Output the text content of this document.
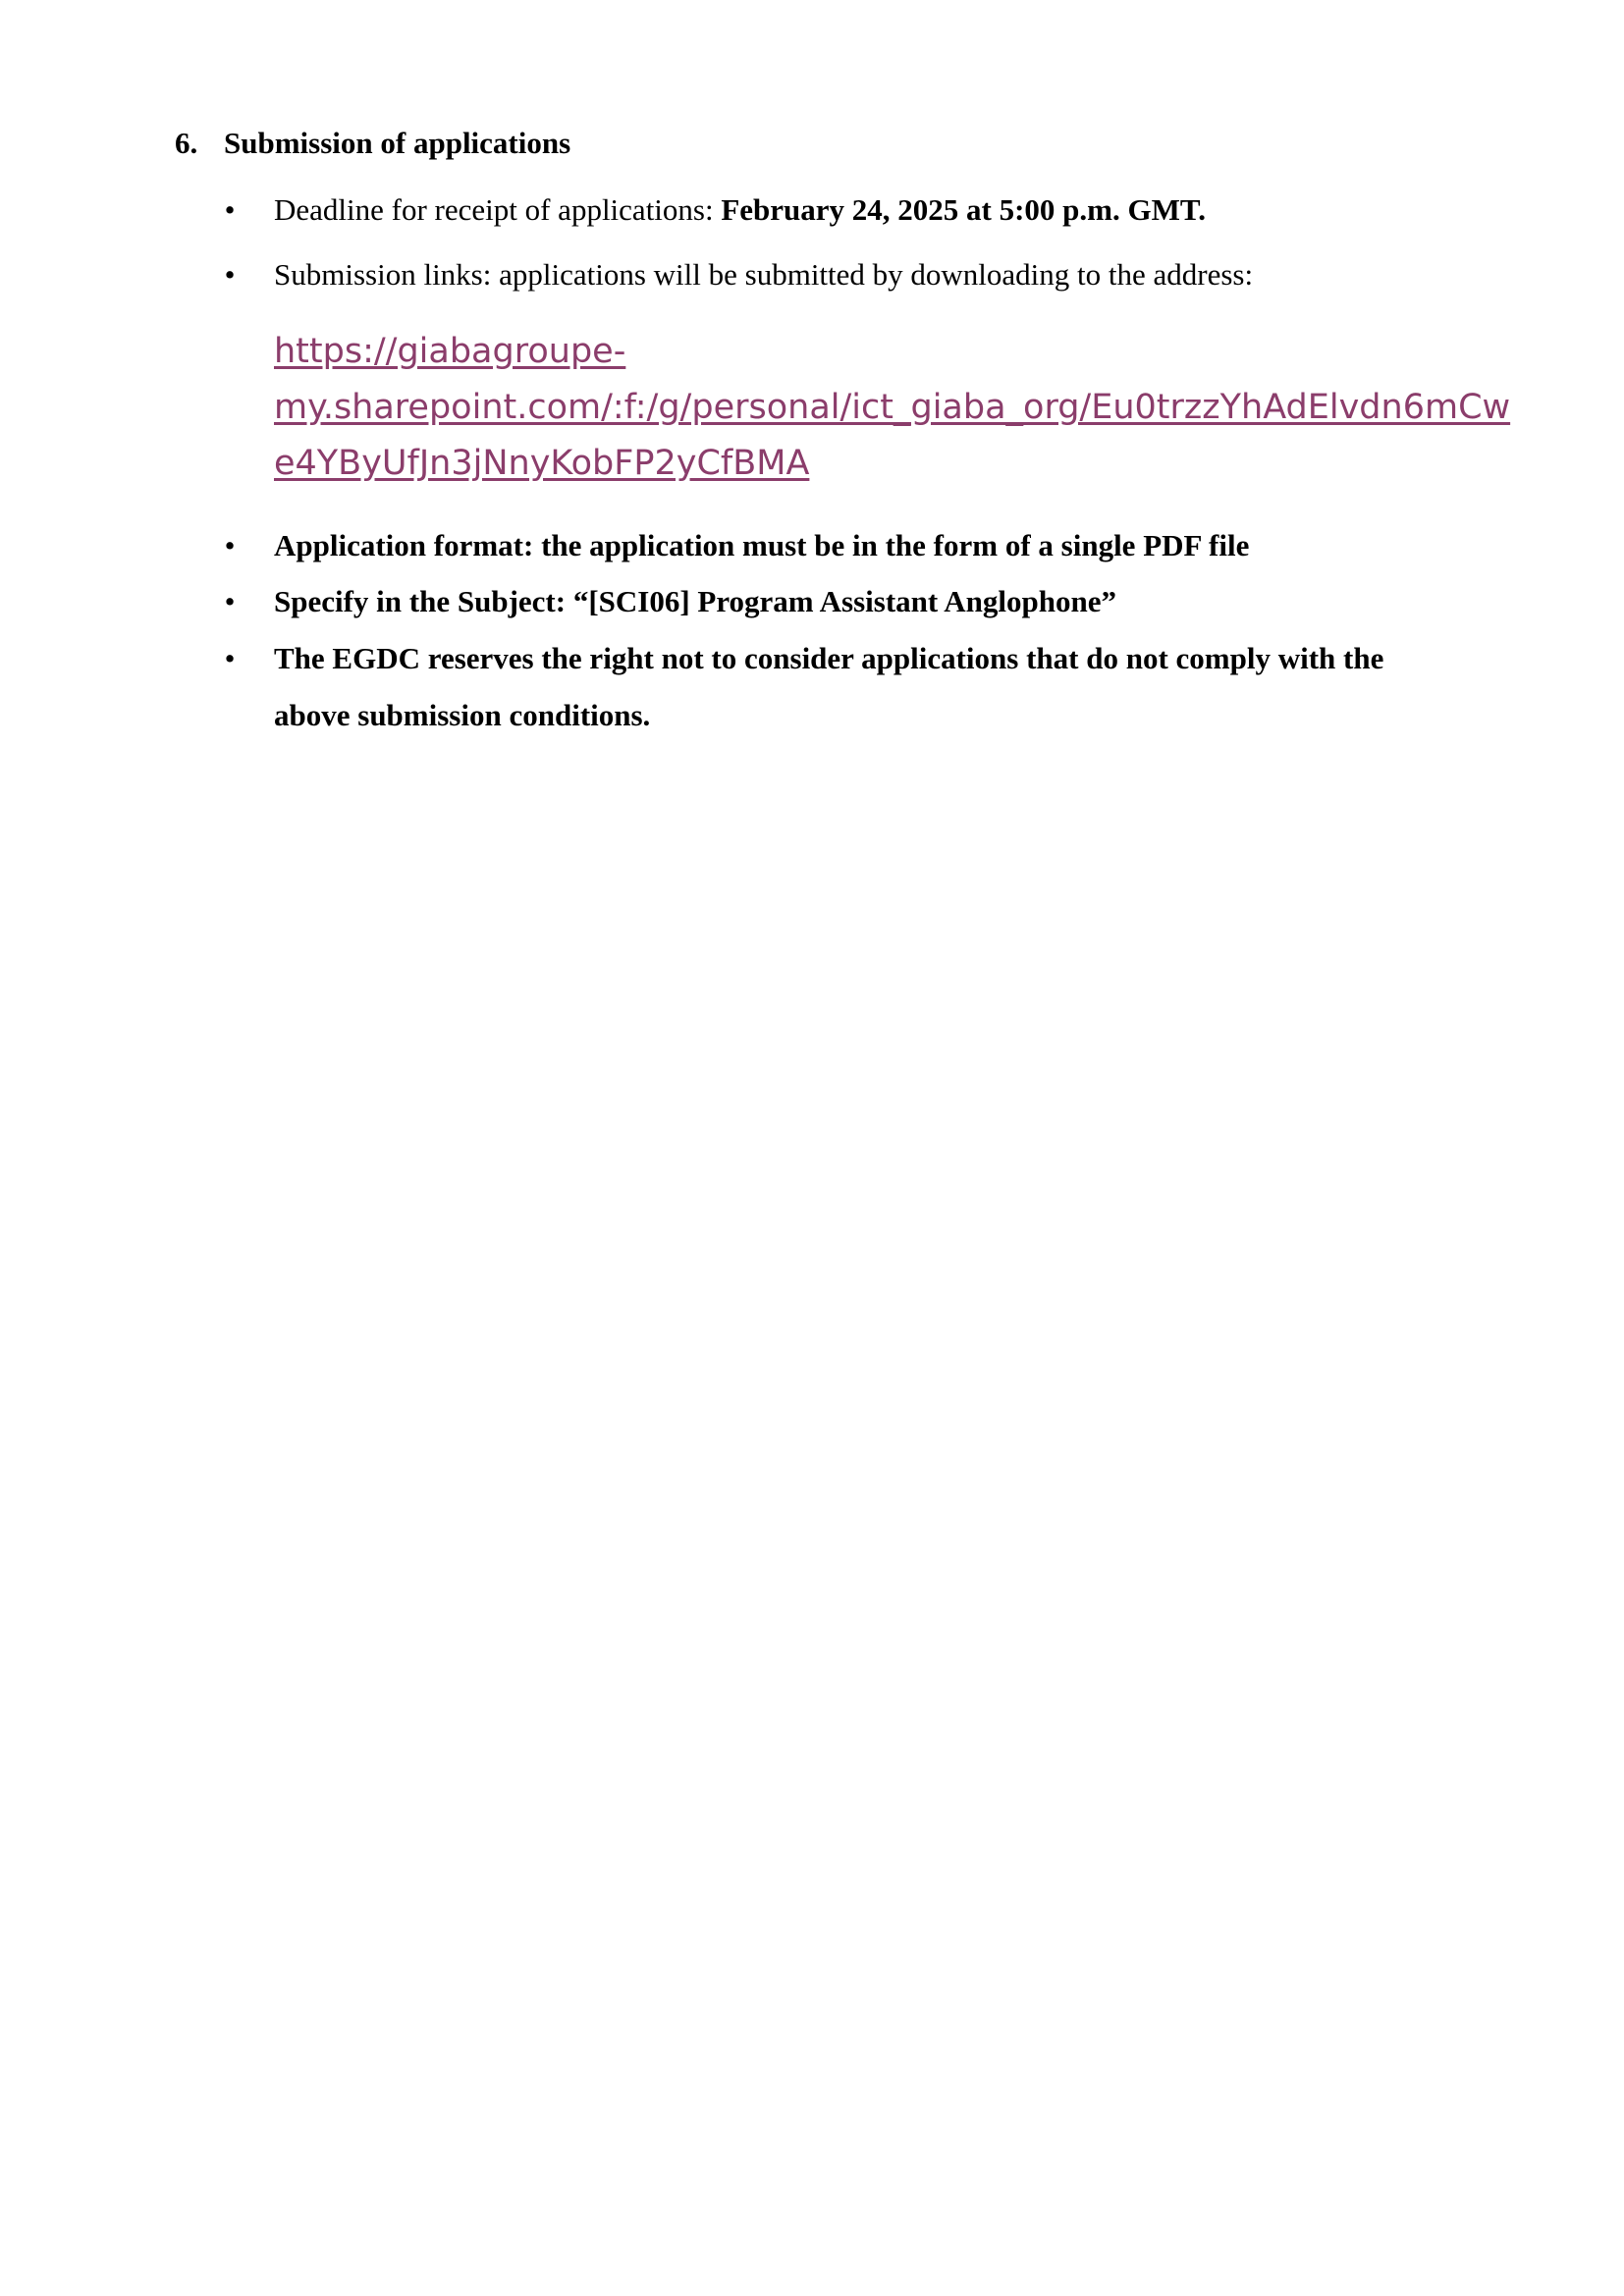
6. Submission of applications
• Deadline for receipt of applications: February 24, 2025 at 5:00 p.m. GMT.
• Submission links: applications will be submitted by downloading to the address:
https://giabagroupe-
my.sharepoint.com/:f:/g/personal/ict_giaba_org/Eu0trzzYhAdElvdn6mCw
e4YByUfJn3jNnyKobFP2yCfBMA
• Application format: the application must be in the form of a single PDF file
• Specify in the Subject: “[SCI06] Program Assistant Anglophone”
• The EGDC reserves the right not to consider applications that do not comply with the
above submission conditions.
